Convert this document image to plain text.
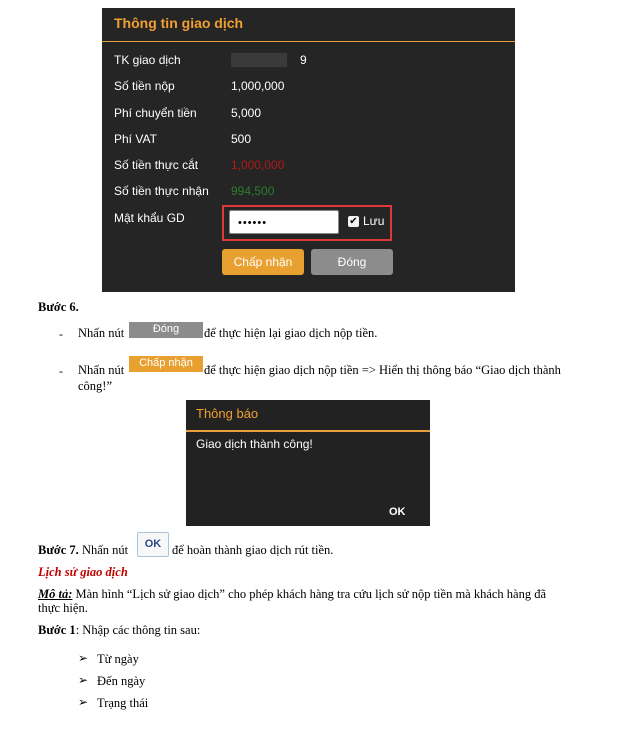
Thông tin giao dịch
TK giao dịch	9
Số tiền nộp	1,000,000
Phí chuyển tiền	5,000
Phí VAT	500
Số tiền thực cắt	1,000,000
Số tiền thực nhận 994,500
Mật khẩu GD	••••••	✔ Lưu
Chấp nhận	Đóng
Bước 6.
- Nhấn nút	Đóng	để thực hiện lại giao dịch nộp tiền.
- Nhấn nút	Chấp nhận để thực hiện giao dịch nộp tiền => Hiển thị thông báo “Giao dịch thành
công!”
Thông báo
Giao dịch thành công!
OK
Bước 7. Nhấn nút	OK để hoàn thành giao dịch rút tiền.
Lịch sử giao dịch
Mô tả: Màn hình “Lịch sử giao dịch” cho phép khách hàng tra cứu lịch sử nộp tiền mà khách hàng đã
thực hiện.
Bước 1: Nhập các thông tin sau:
➢ Từ ngày
➢ Đến ngày
➢ Trạng thái
